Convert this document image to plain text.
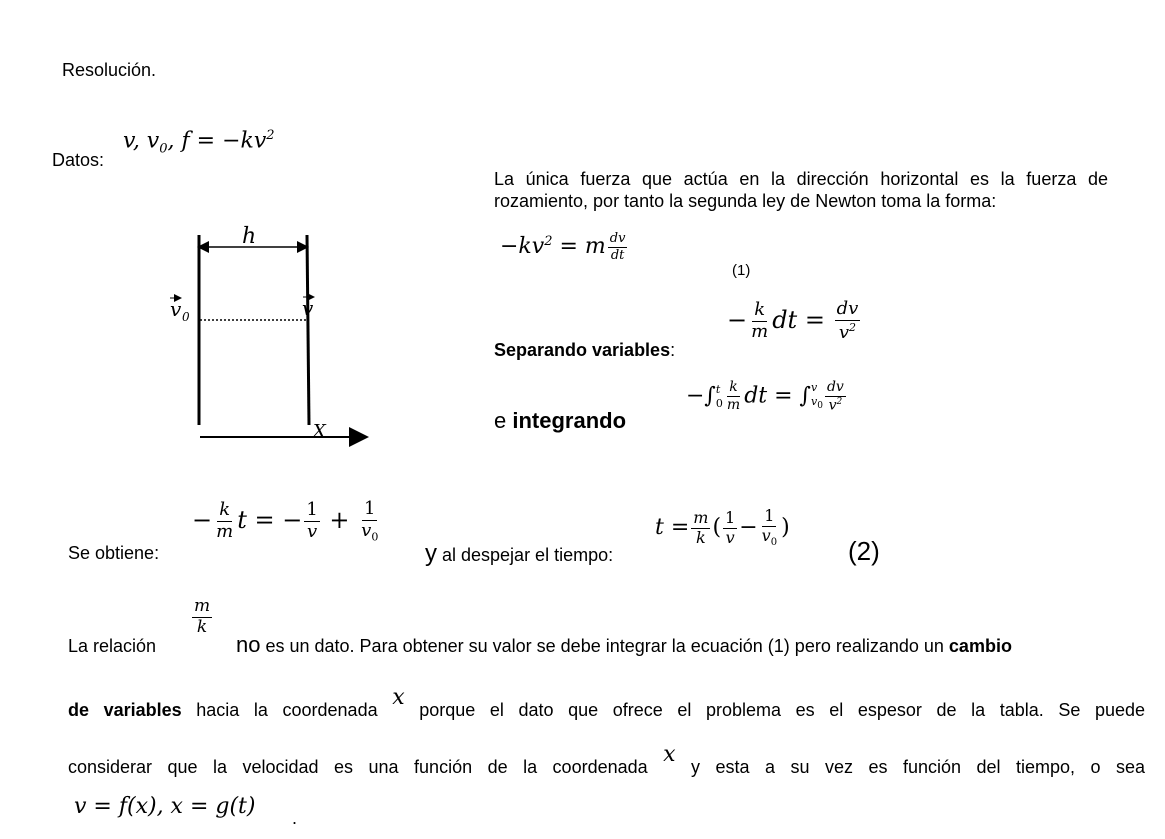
Resolución.
Datos:
v, $v_0$, $f = -kv^2$
h
v 0	v
X
La única fuerza que actúa en la dirección horizontal es la fuerza de rozamiento, por tanto la segunda ley de Newton toma la forma:
$-kv^2 = m \frac{dv}{dt}$
(1)
Separando variables:
− $\frac{k}{m}$ dt = $\frac{dv}{v^2}$
e integrando
−∫ t
$0 \frac{k}{m}$ dt = ∫ v
$v_0 \frac{dv}{v^2}$
Se obtiene:
− $\frac{k}{m}$ t = − $\frac{1}{v} + \frac{1}{v_0}$
y al despejar el tiempo:
$t = \frac{m}{k}$ ( $\frac{1}{v} - \frac{1}{v_0}$ )
(2)
La relación
$\frac{m}{k}$
no es un dato. Para obtener su valor se debe integrar la ecuación (1) pero realizando un cambio
de variables hacia la coordenada x porque el dato que ofrece el problema es el espesor de la tabla. Se puede
considerar que la velocidad es una función de la coordenada x y esta a su vez es función del tiempo, o sea
v = f(x), x = g(t) .
